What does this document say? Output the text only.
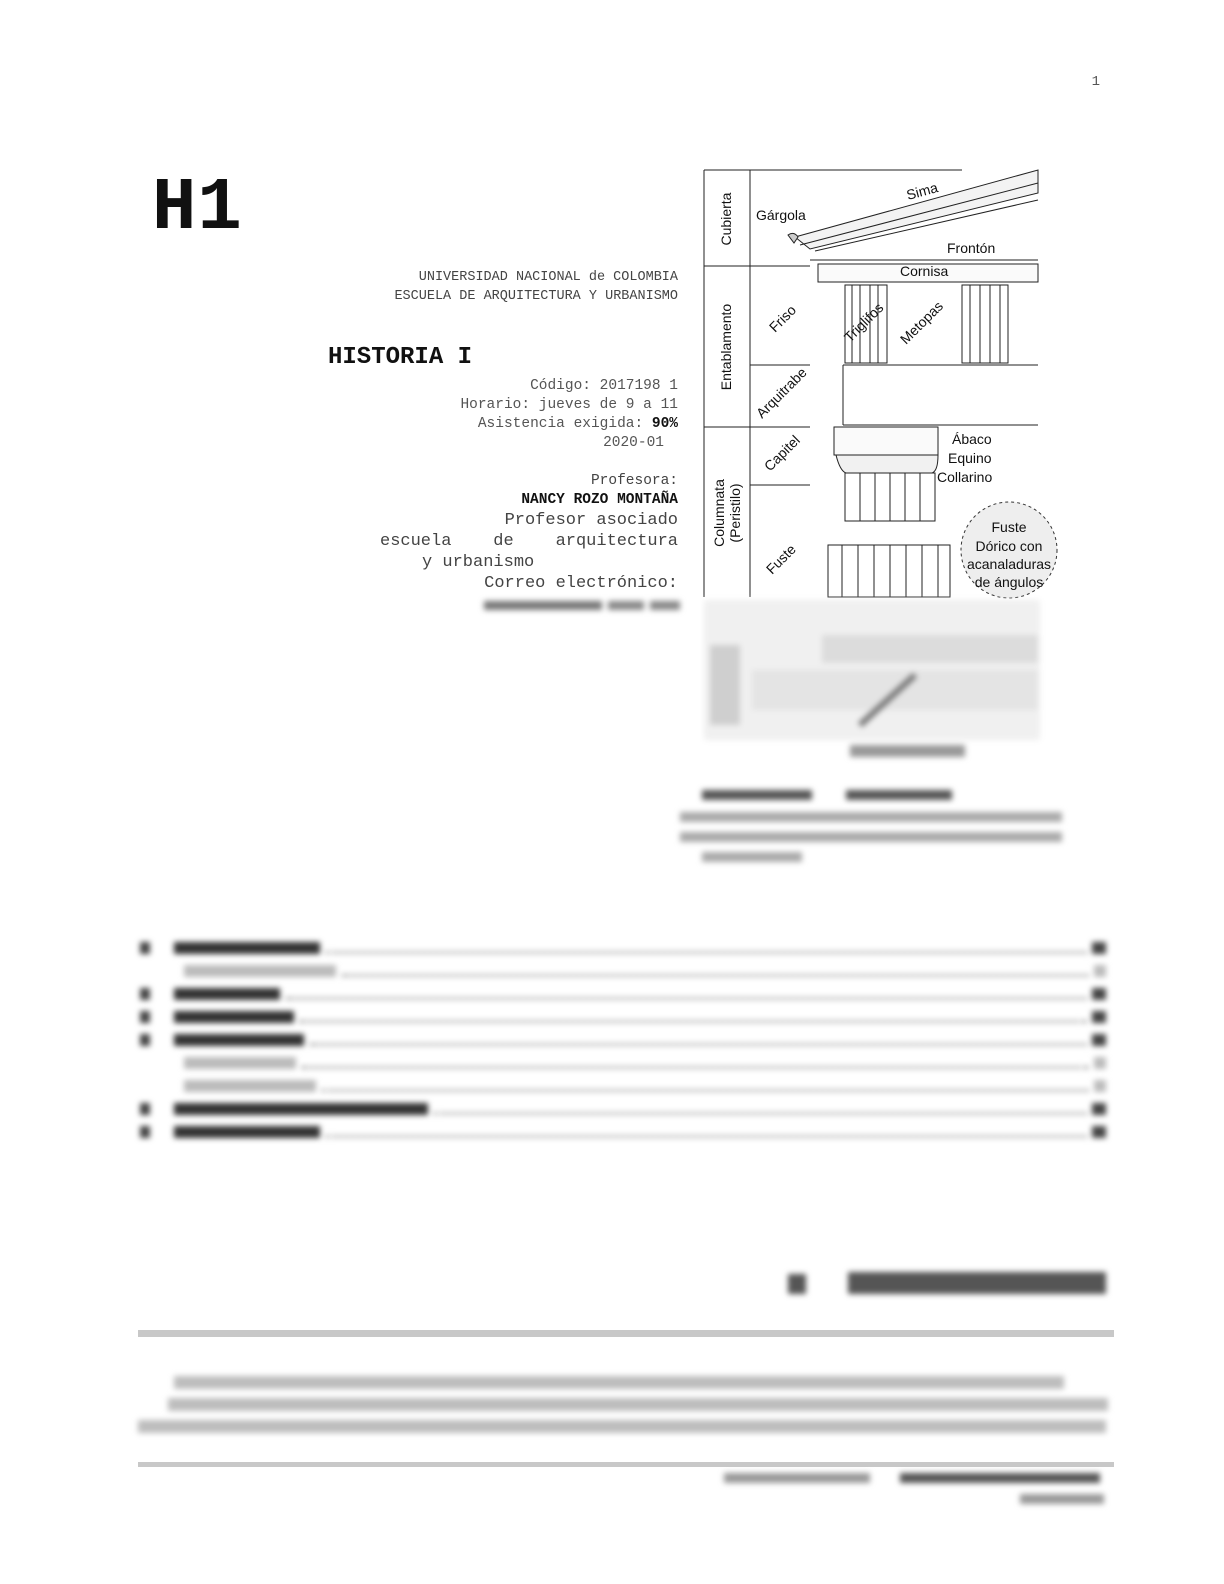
1
H1
UNIVERSIDAD NACIONAL de COLOMBIA
ESCUELA DE ARQUITECTURA Y URBANISMO
HISTORIA I
Código: 2017198 1
Horario: jueves de 9 a 11
Asistencia exigida: 90%
2020-01
Profesora:
NANCY ROZO MONTAÑA
Profesor asociado
escuela de arquitectura
y urbanismo
Correo electrónico:
Cubierta
Entablamento
Columnata (Peristilo)
Gárgola
Friso
Arquitrabe
Capitel
Fuste
Sima
Frontón
Cornisa
Triglifos Metopas
Ábaco
Equino
Collarino
Fuste
Dórico con
acanaladuras
de ángulos
